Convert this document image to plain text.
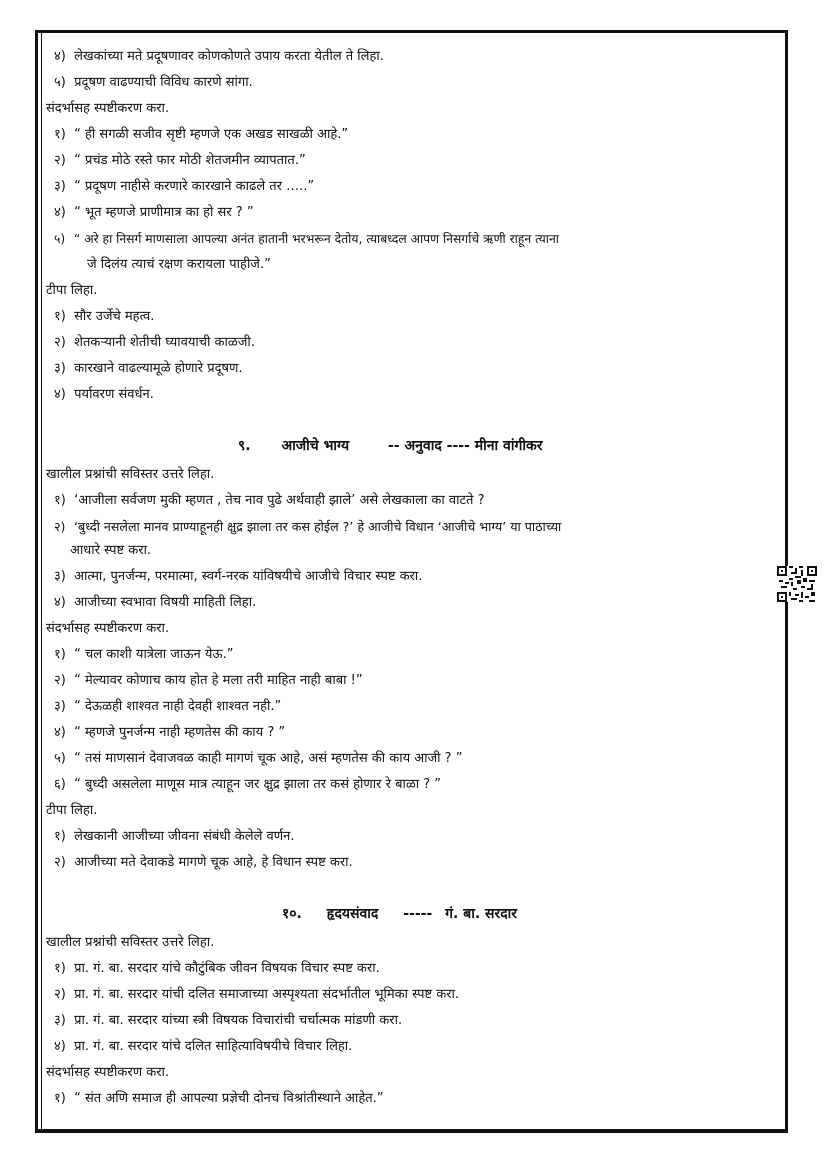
४) लेखकांच्या मते प्रदूषणावर कोणकोणते उपाय करता येतील ते लिहा.
५) प्रदूषण वाढण्याची विविध कारणे सांगा.
संदर्भासह स्पष्टीकरण करा.
१) “ ही सगळी सजीव सृष्टी म्हणजे एक अखड साखळी आहे.”
२) “ प्रचंड मोठे रस्ते फार मोठी शेतजमीन व्यापतात.”
३) “ प्रदूषण नाहीसे करणारे कारखाने काढले तर …..”
४) “ भूत म्हणजे प्राणीमात्र का हो सर ? ”
५) “ अरे हा निसर्ग माणसाला आपल्या अनंत हातानी भरभरून देतोय, त्याबध्दल आपण निसर्गाचे ऋणी राहून त्याना
जे दिलंय त्याचं रक्षण करायला पाहीजे.”
टीपा लिहा.
१) सौर उर्जेचे महत्व.
२) शेतकऱ्यानी शेतीची घ्यावयाची काळजी.
३) कारखाने वाढल्यामूळे होणारे प्रदूषण.
४) पर्यावरण संवर्धन.
९. आजीचे भाग्य	-- अनुवाद ---- मीना वांगीकर
खालील प्रश्नांची सविस्तर उत्तरे लिहा.
१) ‘आजीला सर्वजण मुकी म्हणत , तेच नाव पुढे अर्थवाही झाले’ असे लेखकाला का वाटते ?
२) ‘बुध्दी नसलेला मानव प्राण्याहूनही क्षुद्र झाला तर कस होईल ?’ हे आजीचे विधान ‘आजीचे भाग्य’ या पाठाच्या
आधारे स्पष्ट करा.
३) आत्मा, पुनर्जन्म, परमात्मा, स्वर्ग-नरक यांविषयीचे आजीचे विचार स्पष्ट करा.
४) आजीच्या स्वभावा विषयी माहिती लिहा.
संदर्भासह स्पष्टीकरण करा.
१) “ चल काशी यात्रेला जाऊन येऊ.”
२) “ मेल्यावर कोणाच काय होत हे मला तरी माहित नाही बाबा !”
३) “ देऊळही शाश्वत नाही देवही शाश्वत नही.”
४) “ म्हणजे पुनर्जन्म नाही म्हणतेस की काय ? ”
५) “ तसं माणसानं देवाजवळ काही मागणं चूक आहे, असं म्हणतेस की काय आजी ? ”
६) “ बुध्दी असलेला माणूस मात्र त्याहून जर क्षुद्र झाला तर कसं होणार रे बाळा ? ”
टीपा लिहा.
१) लेखकानी आजीच्या जीवना संबंधी केलेले वर्णन.
२) आजीच्या मते देवाकडे मागणे चूक आहे, हे विधान स्पष्ट करा.
१०. हृदयसंवाद ----- गं. बा. सरदार
खालील प्रश्नांची सविस्तर उत्तरे लिहा.
१) प्रा. गं. बा. सरदार यांचे कौटुंबिक जीवन विषयक विचार स्पष्ट करा.
२) प्रा. गं. बा. सरदार यांची दलित समाजाच्या अस्पृश्यता संदर्भातील भूमिका स्पष्ट करा.
३) प्रा. गं. बा. सरदार यांच्या स्त्री विषयक विचारांची चर्चात्मक मांडणी करा.
४) प्रा. गं. बा. सरदार यांचे दलित साहित्याविषयीचे विचार लिहा.
संदर्भासह स्पष्टीकरण करा.
१) “ संत अणि समाज ही आपल्या प्रज्ञेची दोनच विश्रांतीस्थाने आहेत.”
